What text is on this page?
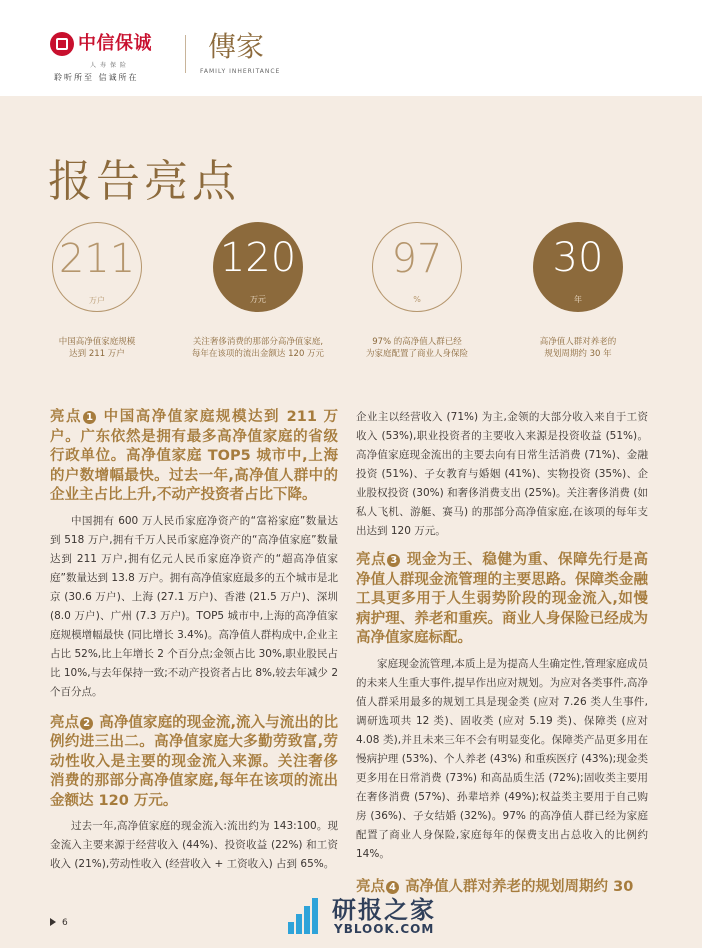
中信保诚
人寿保险
聆听所至 信诚所在
傳家
FAMILY INHERITANCE
报告亮点
211
万户
120
万元
97
%
30
年
中国高净值家庭规模
达到 211 万户
关注奢侈消费的那部分高净值家庭,
每年在该项的流出金额达 120 万元
97% 的高净值人群已经
为家庭配置了商业人身保险
高净值人群对养老的
规划周期约 30 年
亮点 1 中国高净值家庭规模达到 211 万户。广东依然是拥有最多高净值家庭的省级行政单位。高净值家庭 TOP5 城市中,上海的户数增幅最快。过去一年,高净值人群中的企业主占比上升,不动产投资者占比下降。

中国拥有 600 万人民币家庭净资产的“富裕家庭”数量达到 518 万户,拥有千万人民币家庭净资产的“高净值家庭”数量达到 211 万户,拥有亿元人民币家庭净资产的“超高净值家庭”数量达到 13.8 万户。拥有高净值家庭最多的五个城市是北京 (30.6 万户)、上海 (27.1 万户)、香港 (21.5 万户)、深圳 (8.0 万户)、广州 (7.3 万户)。TOP5 城市中,上海的高净值家庭规模增幅最快 (同比增长 3.4%)。高净值人群构成中,企业主占比 52%,比上年增长 2 个百分点;金领占比 30%,职业股民占比 10%,与去年保持一致;不动产投资者占比 8%,较去年减少 2 个百分点。

亮点 2 高净值家庭的现金流,流入与流出的比例约进三出二。高净值家庭大多勤劳致富,劳动性收入是主要的现金流入来源。关注奢侈消费的那部分高净值家庭,每年在该项的流出金额达 120 万元。

过去一年,高净值家庭的现金流入:流出约为 143:100。现金流入主要来源于经营收入 (44%)、投资收益 (22%) 和工资收入 (21%),劳动性收入 (经营收入 + 工资收入) 占到 65%。

企业主以经营收入 (71%) 为主,金领的大部分收入来自于工资收入 (53%),职业投资者的主要收入来源是投资收益 (51%)。高净值家庭现金流出的主要去向有日常生活消费 (71%)、金融投资 (51%)、子女教育与婚姻 (41%)、实物投资 (35%)、企业股权投资 (30%) 和奢侈消费支出 (25%)。关注奢侈消费 (如私人飞机、游艇、赛马) 的那部分高净值家庭,在该项的每年支出达到 120 万元。

亮点 3 现金为王、稳健为重、保障先行是高净值人群现金流管理的主要思路。保障类金融工具更多用于人生弱势阶段的现金流入,如慢病护理、养老和重疾。商业人身保险已经成为高净值家庭标配。

家庭现金流管理,本质上是为提高人生确定性,管理家庭成员的未来人生重大事件,提早作出应对规划。为应对各类事件,高净值人群采用最多的规划工具是现金类 (应对 7.26 类人生事件,调研选项共 12 类)、固收类 (应对 5.19 类)、保障类 (应对 4.08 类),并且未来三年不会有明显变化。保障类产品更多用在慢病护理 (53%)、个人养老 (43%) 和重疾医疗 (43%);现金类更多用在日常消费 (73%) 和高品质生活 (72%);固收类主要用在奢侈消费 (57%)、孙辈培养 (49%);权益类主要用于自己购房 (36%)、子女结婚 (32%)。97% 的高净值人群已经为家庭配置了商业人身保险,家庭每年的保费支出占总收入的比例约 14%。

亮点 4 高净值人群对养老的规划周期约 30
6	研报之家
YBLOOK.COM
